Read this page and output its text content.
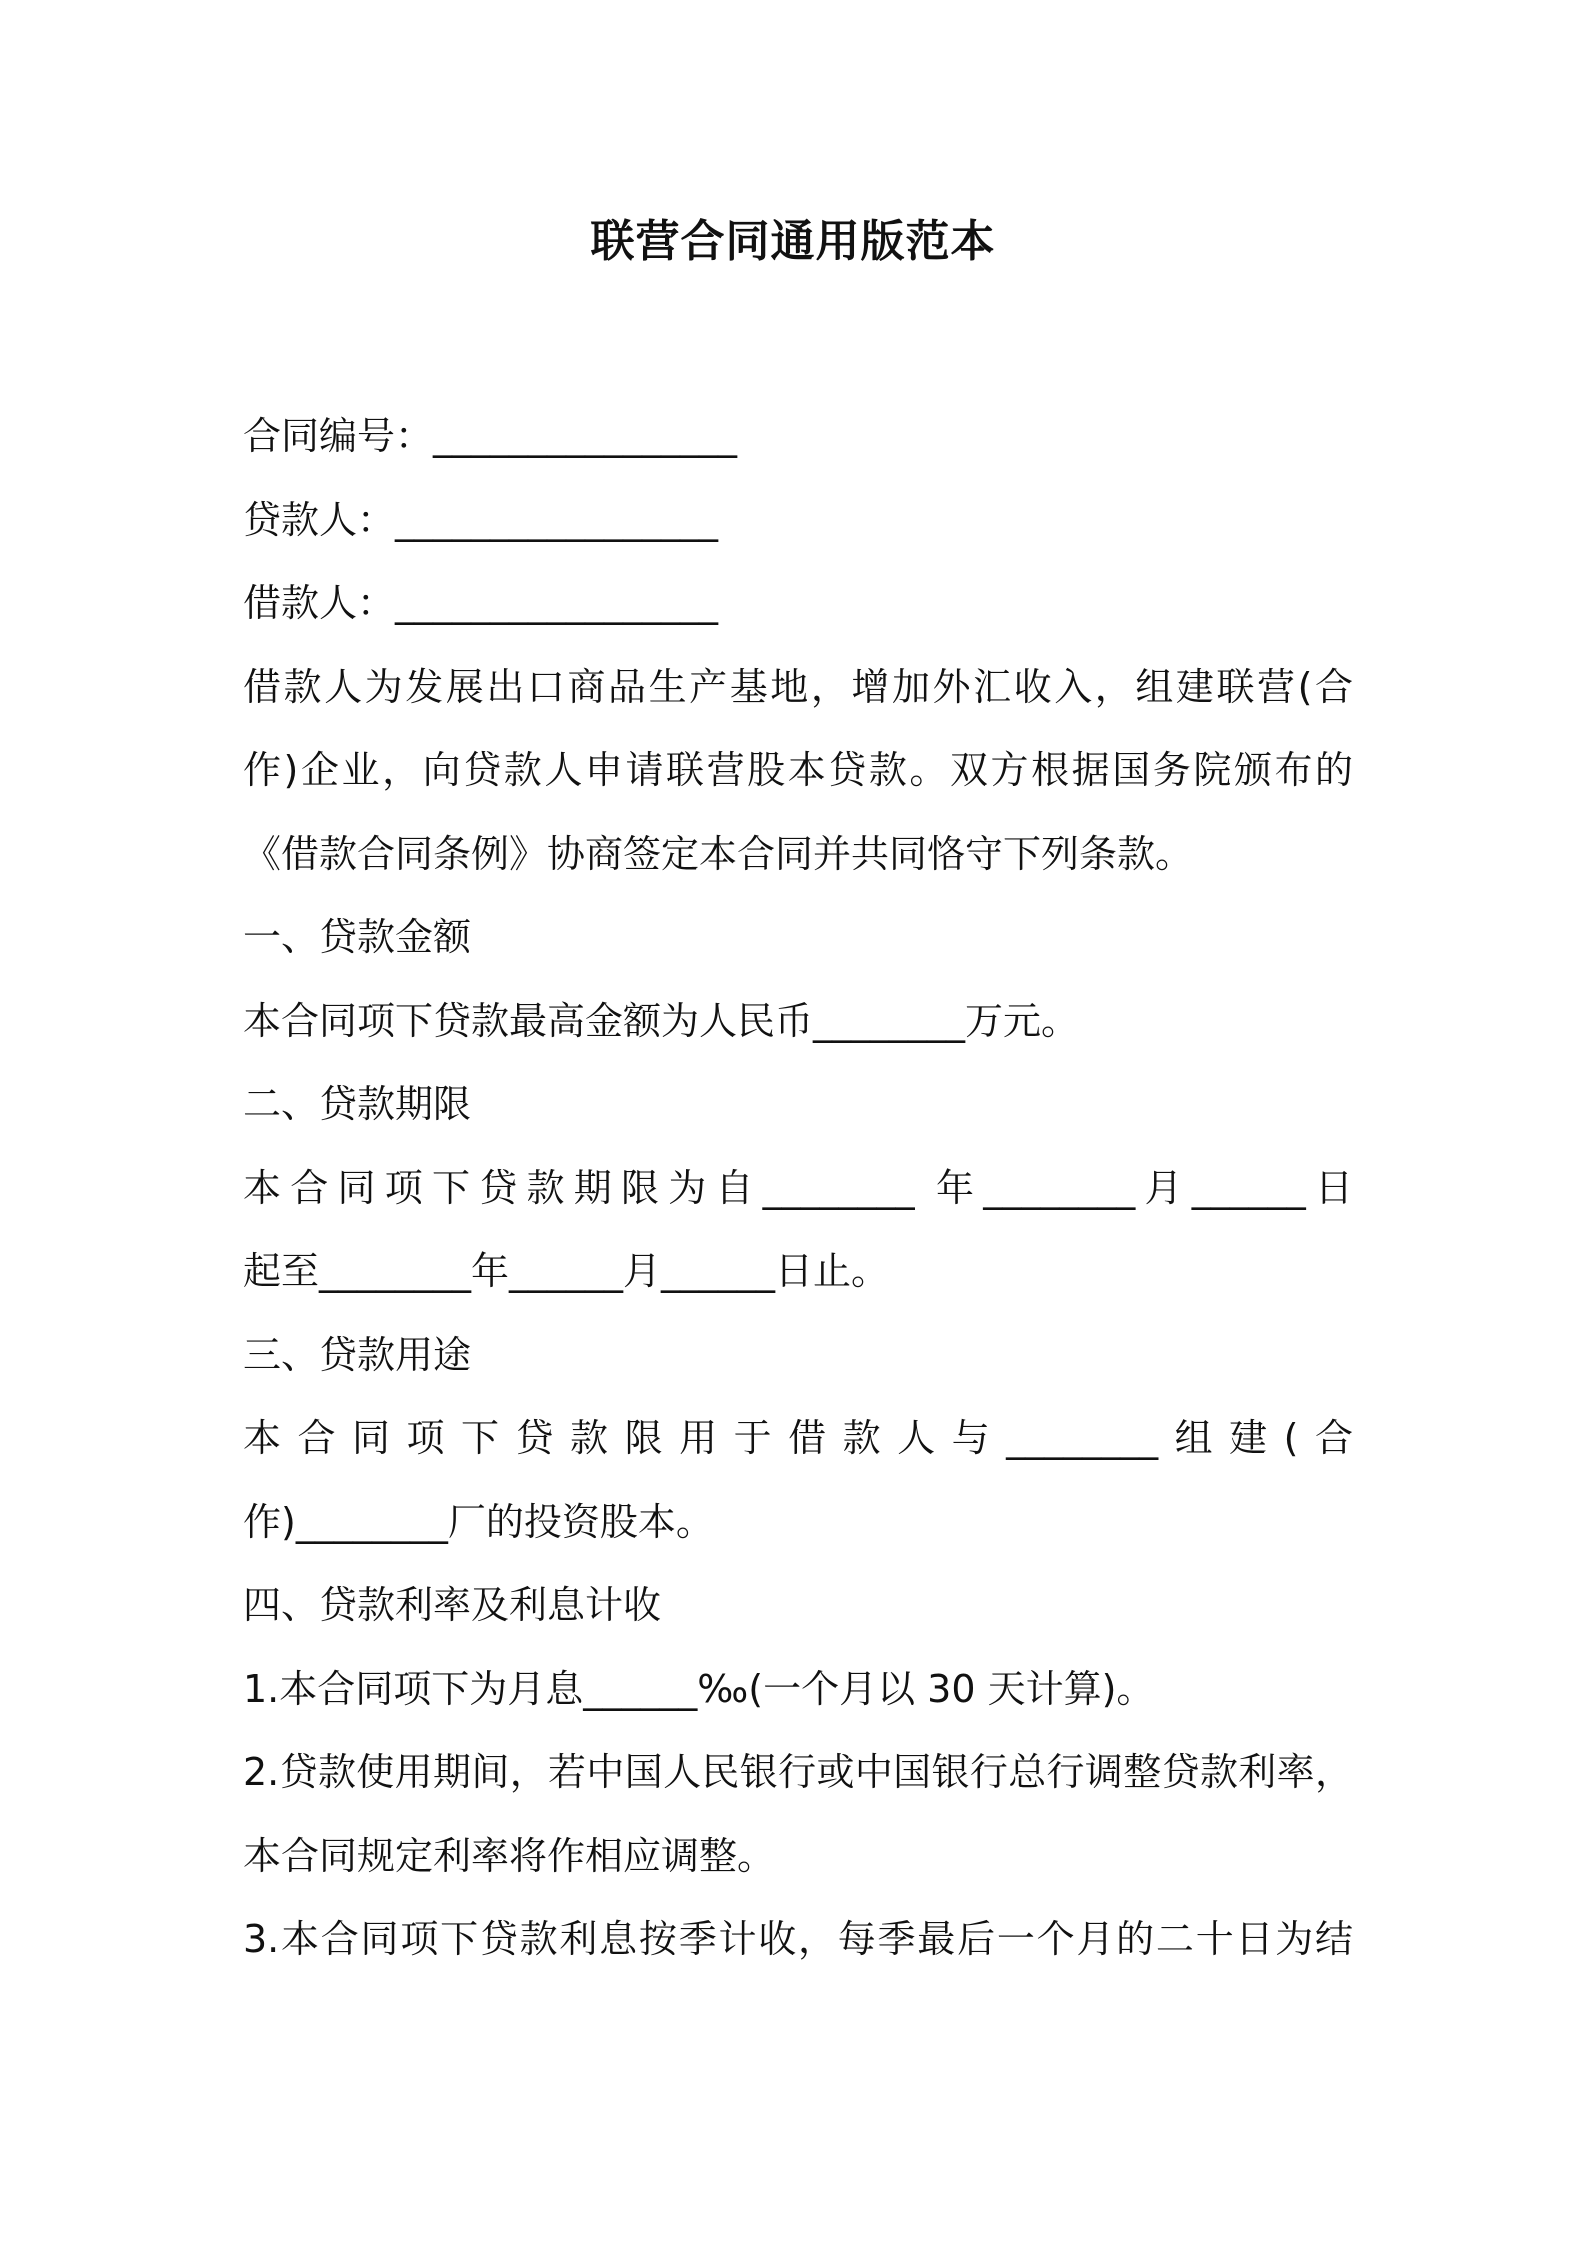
联营合同通用版范本
合同编号：________________
贷款人：_________________
借款人：_________________
借款人为发展出口商品生产基地，增加外汇收入，组建联营(合
作)企业，向贷款人申请联营股本贷款。双方根据国务院颁布的
《借款合同条例》协商签定本合同并共同恪守下列条款。
一、贷款金额
本合同项下贷款最高金额为人民币________万元。
二、贷款期限
本合同项下贷款期限为自________ 年________月______日
起至________年______月______日止。
三、贷款用途
本合同项下贷款限用于借款人与________组建(合
作)________厂的投资股本。
四、贷款利率及利息计收
1.本合同项下为月息______‰(一个月以 30 天计算)。
2.贷款使用期间，若中国人民银行或中国银行总行调整贷款利率，
本合同规定利率将作相应调整。
3.本合同项下贷款利息按季计收，每季最后一个月的二十日为结
